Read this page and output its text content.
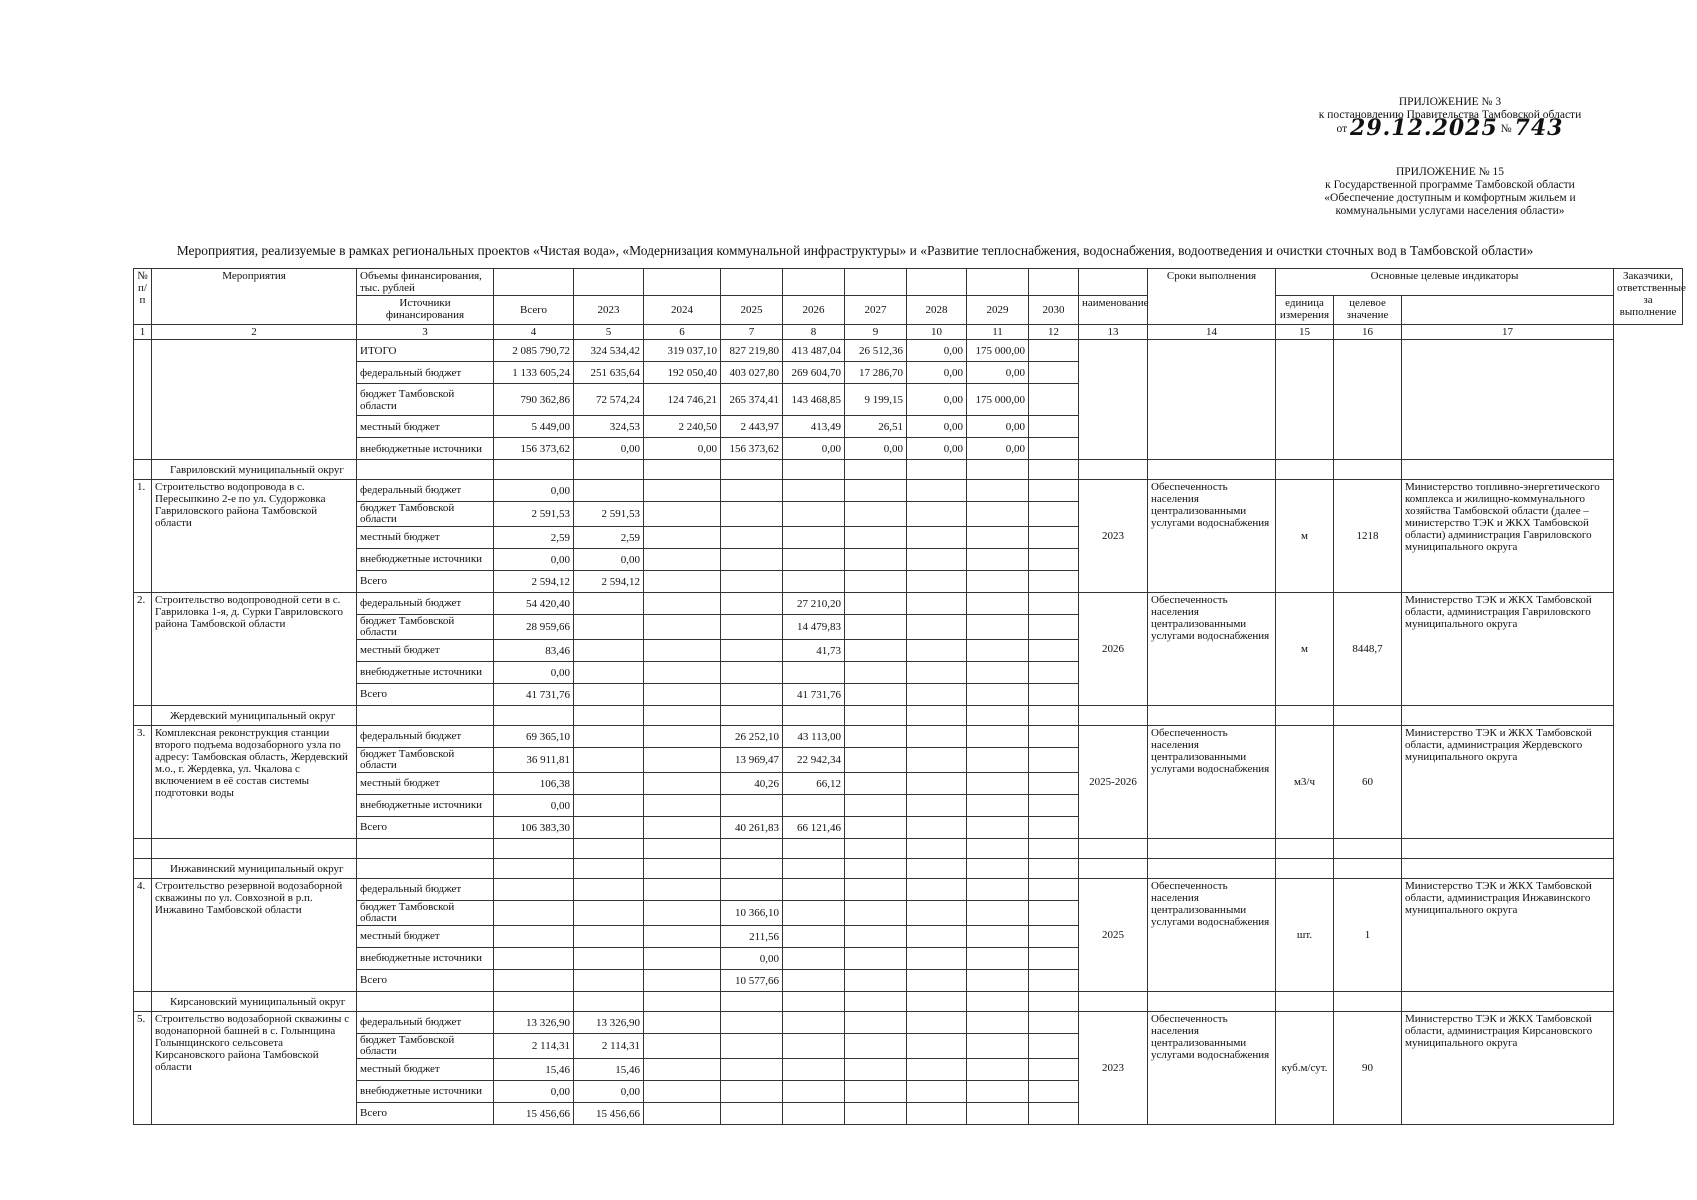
ПРИЛОЖЕНИЕ № 3
к постановлению Правительства Тамбовской области
от 29.12.2025 № 743
ПРИЛОЖЕНИЕ № 15
к Государственной программе Тамбовской области
«Обеспечение доступным и комфортным жильем и
коммунальными услугами населения области»
Мероприятия, реализуемые в рамках региональных проектов «Чистая вода», «Модернизация коммунальной инфраструктуры» и «Развитие теплоснабжения, водоснабжения, водоотведения и очистки сточных вод в Тамбовской области»
№ п/п	Мероприятия	Объемы финансирования, тыс. рублей											Сроки выполнения	Основные целевые индикаторы			Заказчики, ответственные за выполнение
		Источники финансирования	Всего	2023	2024	2025	2026	2027	2028	2029	2030	наименование		единица измерения	целевое значение		
1	2	3	4	5	6	7	8	9	10	11	12	13	14	15	16	17	
		ИТОГО	2 085 790,72	324 534,42	319 037,10	827 219,80	413 487,04	26 512,36	0,00	175 000,00							
		федеральный бюджет	1 133 605,24	251 635,64	192 050,40	403 027,80	269 604,70	17 286,70	0,00	0,00							
		бюджет Тамбовской области	790 362,86	72 574,24	124 746,21	265 374,41	143 468,85	9 199,15	0,00	175 000,00							
		местный бюджет	5 449,00	324,53	2 240,50	2 443,97	413,49	26,51	0,00	0,00							
		внебюджетные источники	156 373,62	0,00	0,00	156 373,62	0,00	0,00	0,00	0,00							
	Гавриловский муниципальный округ																
1.	Строительство водопровода в с. Пересыпкино 2-е по ул. Судоржовка Гавриловского района Тамбовской области	федеральный бюджет	0,00									2023	Обеспеченность населения централизованными услугами водоснабжения	м	1218	Министерство топливно-энергетического комплекса и жилищно-коммунального хозяйства Тамбовской области (далее – министерство ТЭК и ЖКХ Тамбовской области) администрация Гавриловского муниципального округа	
		бюджет Тамбовской области	2 591,53	2 591,53													
		местный бюджет	2,59	2,59													
		внебюджетные источники	0,00	0,00													
		Всего	2 594,12	2 594,12													
2.	Строительство водопроводной сети в с. Гавриловка 1-я, д. Сурки Гавриловского района Тамбовской области	федеральный бюджет	54 420,40				27 210,20					2026	Обеспеченность населения централизованными услугами водоснабжения	м	8448,7	Министерство ТЭК и ЖКХ Тамбовской области, администрация Гавриловского муниципального округа	
		бюджет Тамбовской области	28 959,66				14 479,83										
		местный бюджет	83,46				41,73										
		внебюджетные источники	0,00														
		Всего	41 731,76				41 731,76										
	Жердевский муниципальный округ																
3.	Комплексная реконструкция станции второго подъема водозаборного узла по адресу: Тамбовская область, Жердевский м.о., г. Жердевка, ул. Чкалова с включением в её состав системы подготовки воды	федеральный бюджет	69 365,10			26 252,10	43 113,00					2025-2026	Обеспеченность населения централизованными услугами водоснабжения	м3/ч	60	Министерство ТЭК и ЖКХ Тамбовской области, администрация Жердевского муниципального округа	
		бюджет Тамбовской области	36 911,81			13 969,47	22 942,34										
		местный бюджет	106,38			40,26	66,12										
		внебюджетные источники	0,00														
		Всего	106 383,30			40 261,83	66 121,46										

	Инжавинский муниципальный округ																
4.	Строительство резервной водозаборной скважины по ул. Совхозной в р.п. Инжавино Тамбовской области	федеральный бюджет										2025	Обеспеченность населения централизованными услугами водоснабжения	шт.	1	Министерство ТЭК и ЖКХ Тамбовской области, администрация Инжавинского муниципального округа	
		бюджет Тамбовской области				10 366,10											
		местный бюджет				211,56											
		внебюджетные источники				0,00											
		Всего				10 577,66											
	Кирсановский муниципальный округ																
5.	Строительство водозаборной скважины с водонапорной башней в с. Голынщина Голынщинского сельсовета Кирсановского района Тамбовской области	федеральный бюджет	13 326,90	13 326,90								2023	Обеспеченность населения централизованными услугами водоснабжения	куб.м/сут.	90	Министерство ТЭК и ЖКХ Тамбовской области, администрация Кирсановского муниципального округа	
		бюджет Тамбовской области	2 114,31	2 114,31													
		местный бюджет	15,46	15,46													
		внебюджетные источники	0,00	0,00													
		Всего	15 456,66	15 456,66													
